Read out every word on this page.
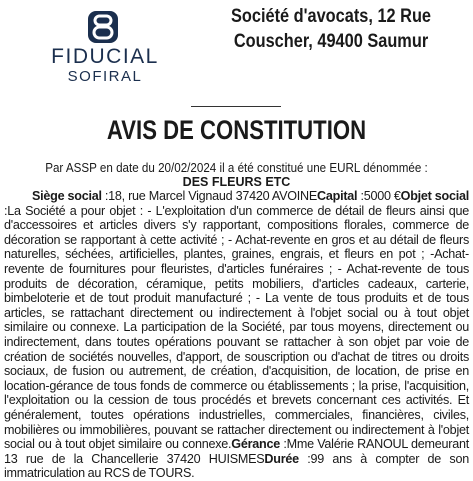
FIDUCIAL
SOFIRAL
Société d'avocats, 12 Rue
Couscher, 49400 Saumur
AVIS DE CONSTITUTION
Par ASSP en date du 20/02/2024 il a été constitué une EURL dénommée :
DES FLEURS ETC
Siège social :18, rue Marcel Vignaud 37420 AVOINECapital :5000 €Objet social :La Société a pour objet : - L'exploitation d'un commerce de détail de fleurs ainsi que d'accessoires et articles divers s'y rapportant, compositions florales, commerce de décoration se rapportant à cette activité ; - Achat-revente en gros et au détail de fleurs naturelles, séchées, artificielles, plantes, graines, engrais, et fleurs en pot ; -Achat-revente de fournitures pour fleuristes, d'articles funéraires ; - Achat-revente de tous produits de décoration, céramique, petits mobiliers, d'articles cadeaux, carterie, bimbeloterie et de tout produit manufacturé ; - La vente de tous produits et de tous articles, se rattachant directement ou indirectement à l'objet social ou à tout objet similaire ou connexe. La participation de la Société, par tous moyens, directement ou indirectement, dans toutes opérations pouvant se rattacher à son objet par voie de création de sociétés nouvelles, d'apport, de souscription ou d'achat de titres ou droits sociaux, de fusion ou autrement, de création, d'acquisition, de location, de prise en location-gérance de tous fonds de commerce ou établissements ; la prise, l'acquisition, l'exploitation ou la cession de tous procédés et brevets concernant ces activités. Et généralement, toutes opérations industrielles, commerciales, financières, civiles, mobilières ou immobilières, pouvant se rattacher directement ou indirectement à l'objet social ou à tout objet similaire ou connexe.Gérance :Mme Valérie RANOUL demeurant 13 rue de la Chancellerie 37420 HUISMESDurée :99 ans à compter de son immatriculation au RCS de TOURS.
